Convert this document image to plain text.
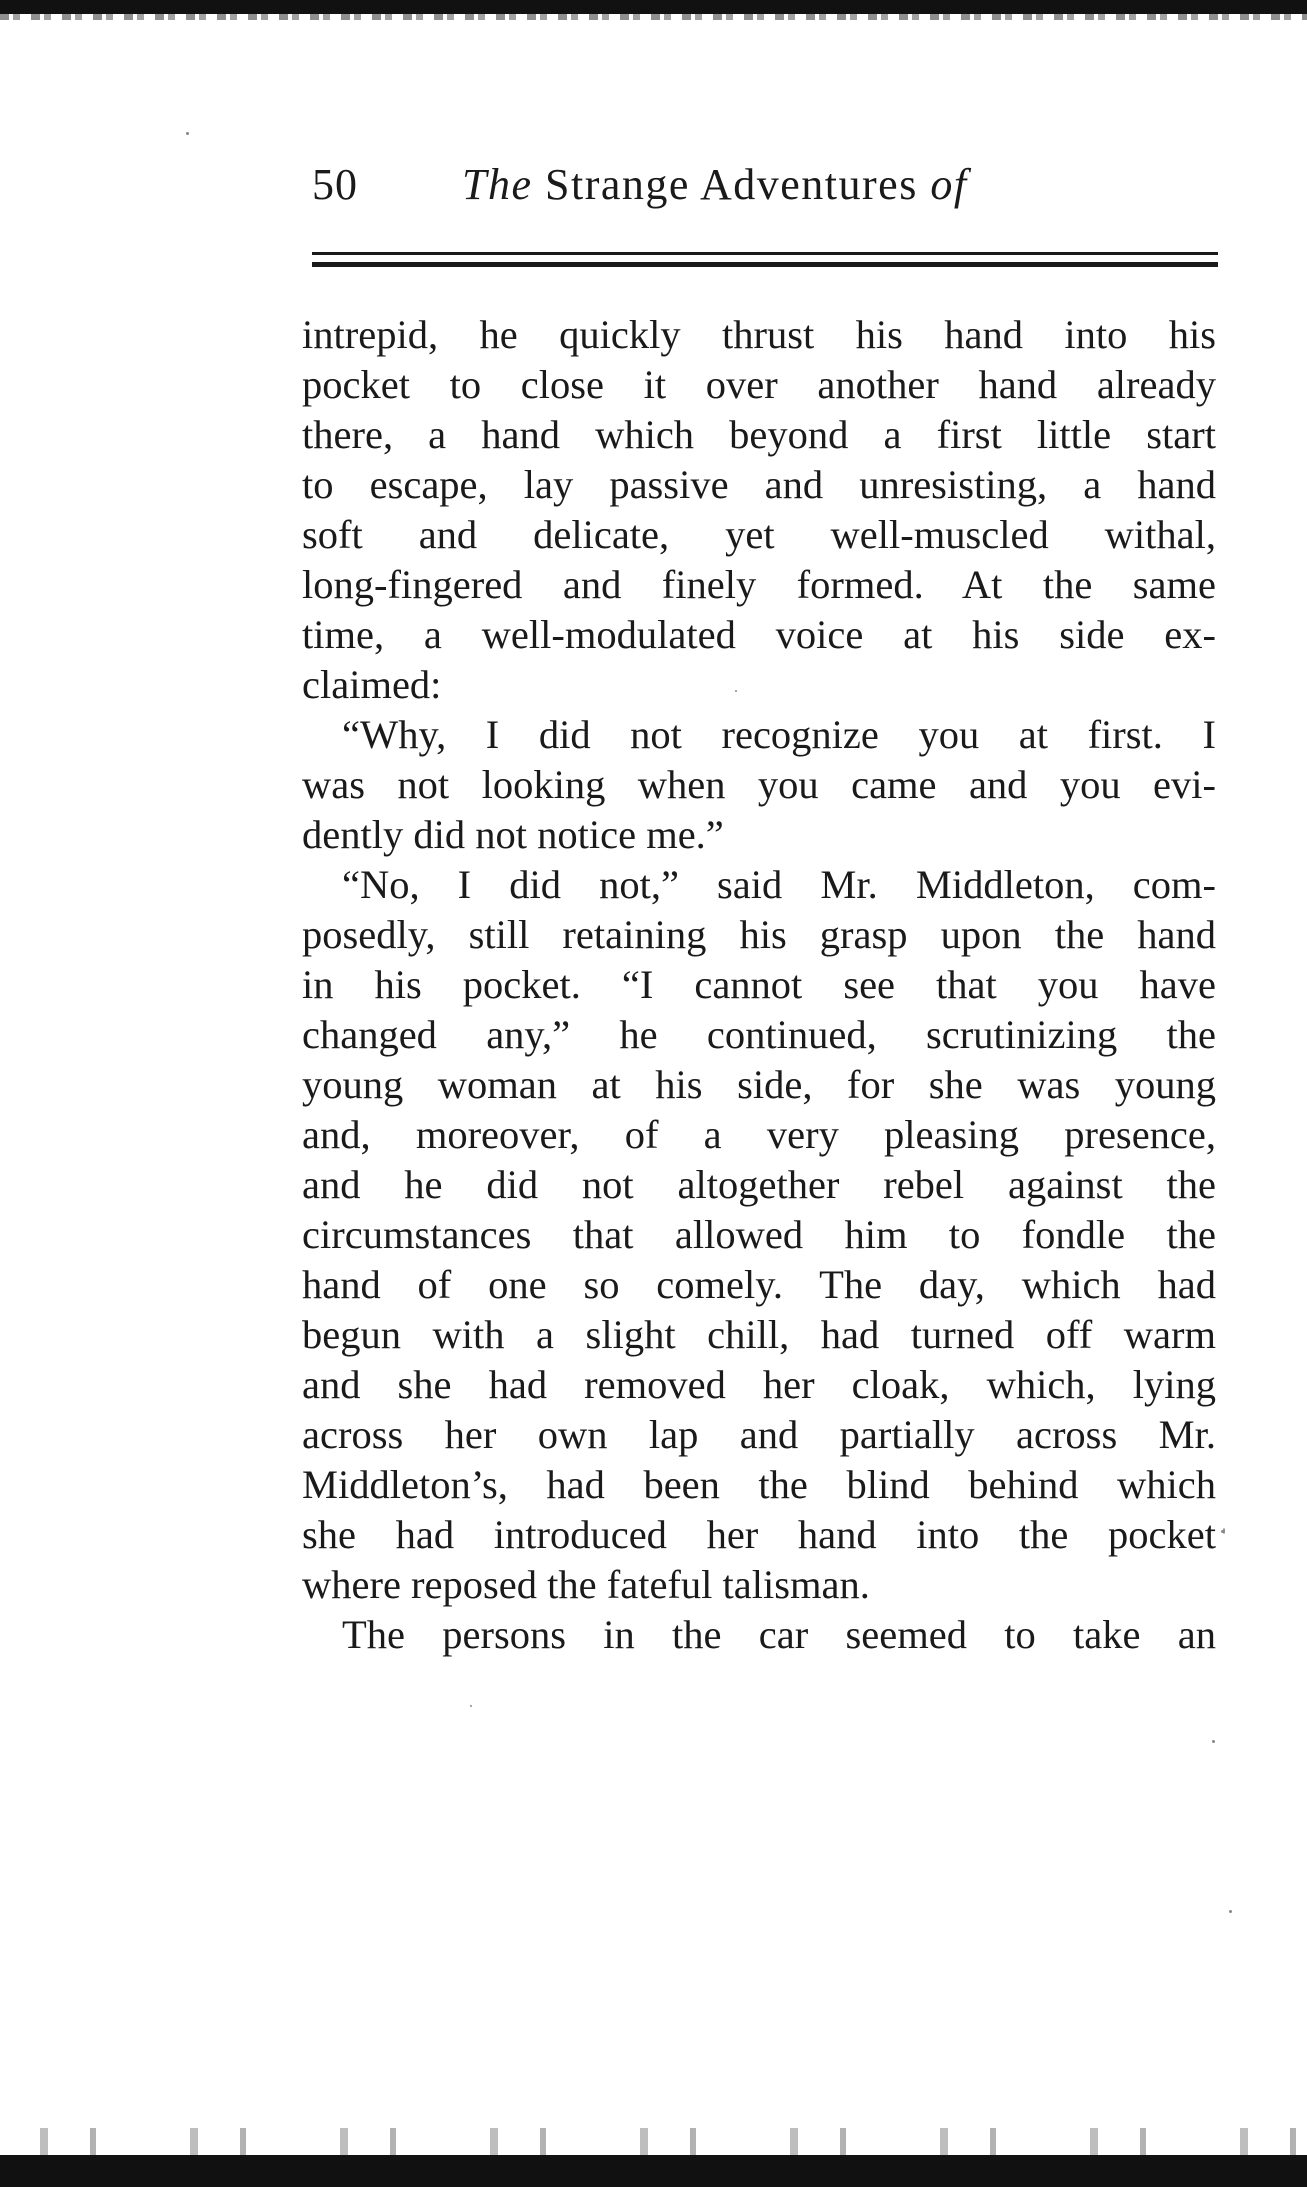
50 The Strange Adventures of
intrepid, he quickly thrust his hand into his
pocket to close it over another hand already
there, a hand which beyond a first little start
to escape, lay passive and unresisting, a hand
soft and delicate, yet well-muscled withal,
long-fingered and finely formed. At the same
time, a well-modulated voice at his side ex-
claimed:
“Why, I did not recognize you at first. I
was not looking when you came and you evi-
dently did not notice me.”
“No, I did not,” said Mr. Middleton, com-
posedly, still retaining his grasp upon the hand
in his pocket. “I cannot see that you have
changed any,” he continued, scrutinizing the
young woman at his side, for she was young
and, moreover, of a very pleasing presence,
and he did not altogether rebel against the
circumstances that allowed him to fondle the
hand of one so comely. The day, which had
begun with a slight chill, had turned off warm
and she had removed her cloak, which, lying
across her own lap and partially across Mr.
Middleton’s, had been the blind behind which
she had introduced her hand into the pocket
where reposed the fateful talisman.
The persons in the car seemed to take an
